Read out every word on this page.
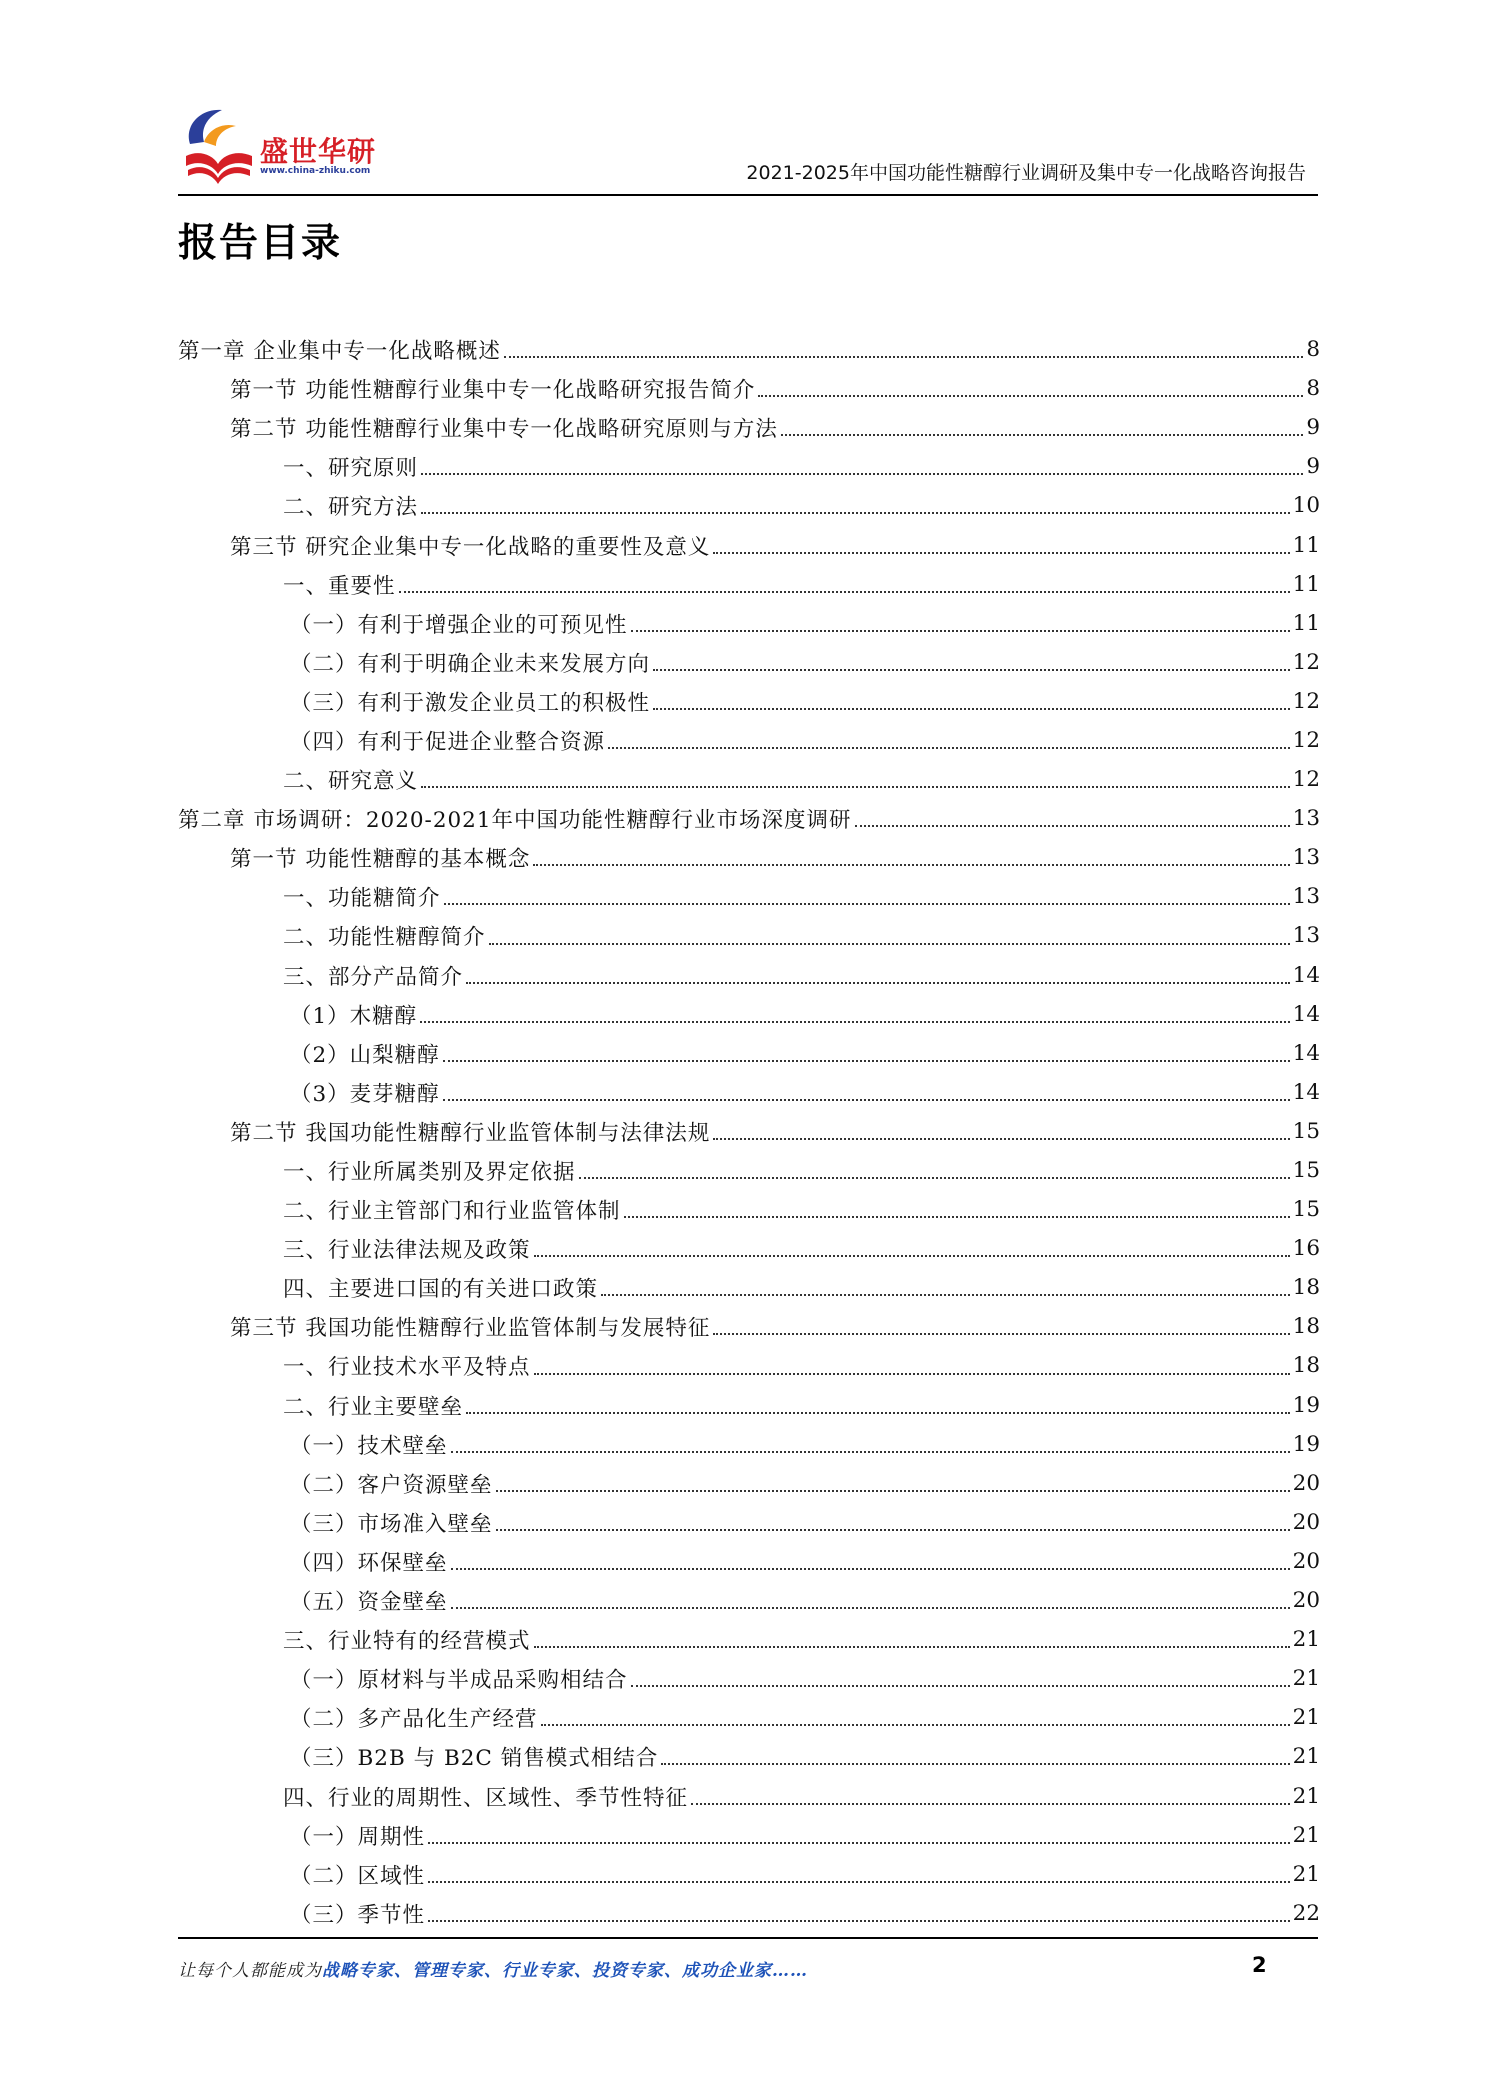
盛世华研
www.china-zhiku.com	2021-2025年中国功能性糖醇行业调研及集中专一化战略咨询报告
报告目录
第一章 企业集中专一化战略概述	8
第一节 功能性糖醇行业集中专一化战略研究报告简介	8
第二节 功能性糖醇行业集中专一化战略研究原则与方法	9
一、研究原则	9
二、研究方法	10
第三节 研究企业集中专一化战略的重要性及意义	11
一、重要性	11
（一）有利于增强企业的可预见性	11
（二）有利于明确企业未来发展方向	12
（三）有利于激发企业员工的积极性	12
（四）有利于促进企业整合资源	12
二、研究意义	12
第二章 市场调研：2020-2021年中国功能性糖醇行业市场深度调研	13
第一节 功能性糖醇的基本概念	13
一、功能糖简介	13
二、功能性糖醇简介	13
三、部分产品简介	14
（1）木糖醇	14
（2）山梨糖醇	14
（3）麦芽糖醇	14
第二节 我国功能性糖醇行业监管体制与法律法规	15
一、行业所属类别及界定依据	15
二、行业主管部门和行业监管体制	15
三、行业法律法规及政策	16
四、主要进口国的有关进口政策	18
第三节 我国功能性糖醇行业监管体制与发展特征	18
一、行业技术水平及特点	18
二、行业主要壁垒	19
（一）技术壁垒	19
（二）客户资源壁垒	20
（三）市场准入壁垒	20
（四）环保壁垒	20
（五）资金壁垒	20
三、行业特有的经营模式	21
（一）原材料与半成品采购相结合	21
（二）多产品化生产经营	21
（三）B2B 与 B2C 销售模式相结合	21
四、行业的周期性、区域性、季节性特征	21
（一）周期性	21
（二）区域性	21
（三）季节性	22
让每个人都能成为战略专家、管理专家、行业专家、投资专家、成功企业家……	2
